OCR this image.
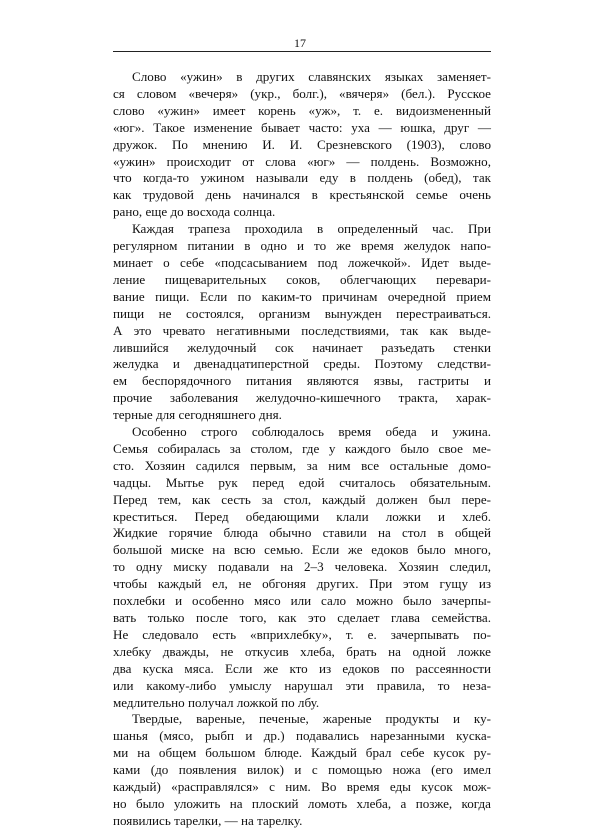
17
Слово «ужин» в других славянских языках заменяет-
ся словом «вечеря» (укр., болг.), «вячеря» (бел.). Русское
слово «ужин» имеет корень «уж», т. е. видоизмененный
«юг». Такое изменение бывает часто: уха — юшка, друг —
дружок. По мнению И. И. Срезневского (1903), слово
«ужин» происходит от слова «юг» — полдень. Возможно,
что когда-то ужином называли еду в полдень (обед), так
как трудовой день начинался в крестьянской семье очень
рано, еще до восхода солнца.
Каждая трапеза проходила в определенный час. При
регулярном питании в одно и то же время желудок напо-
минает о себе «подсасыванием под ложечкой». Идет выде-
ление пищеварительных соков, облегчающих перевари-
вание пищи. Если по каким-то причинам очередной прием
пищи не состоялся, организм вынужден перестраиваться.
А это чревато негативными последствиями, так как выде-
лившийся желудочный сок начинает разъедать стенки
желудка и двенадцатиперстной среды. Поэтому следстви-
ем беспорядочного питания являются язвы, гастриты и
прочие заболевания желудочно-кишечного тракта, харак-
терные для сегодняшнего дня.
Особенно строго соблюдалось время обеда и ужина.
Семья собиралась за столом, где у каждого было свое ме-
сто. Хозяин садился первым, за ним все остальные домо-
чадцы. Мытье рук перед едой считалось обязательным.
Перед тем, как сесть за стол, каждый должен был пере-
креститься. Перед обедающими клали ложки и хлеб.
Жидкие горячие блюда обычно ставили на стол в общей
большой миске на всю семью. Если же едоков было много,
то одну миску подавали на 2–3 человека. Хозяин следил,
чтобы каждый ел, не обгоняя других. При этом гущу из
похлебки и особенно мясо или сало можно было зачерпы-
вать только после того, как это сделает глава семейства.
Не следовало есть «вприхлебку», т. е. зачерпывать по-
хлебку дважды, не откусив хлеба, брать на одной ложке
два куска мяса. Если же кто из едоков по рассеянности
или какому-либо умыслу нарушал эти правила, то неза-
медлительно получал ложкой по лбу.
Твердые, вареные, печеные, жареные продукты и ку-
шанья (мясо, рыбп и др.) подавались нарезанными куска-
ми на общем большом блюде. Каждый брал себе кусок ру-
ками (до появления вилок) и с помощью ножа (его имел
каждый) «расправлялся» с ним. Во время еды кусок мож-
но было уложить на плоский ломоть хлеба, а позже, когда
появились тарелки, — на тарелку.
